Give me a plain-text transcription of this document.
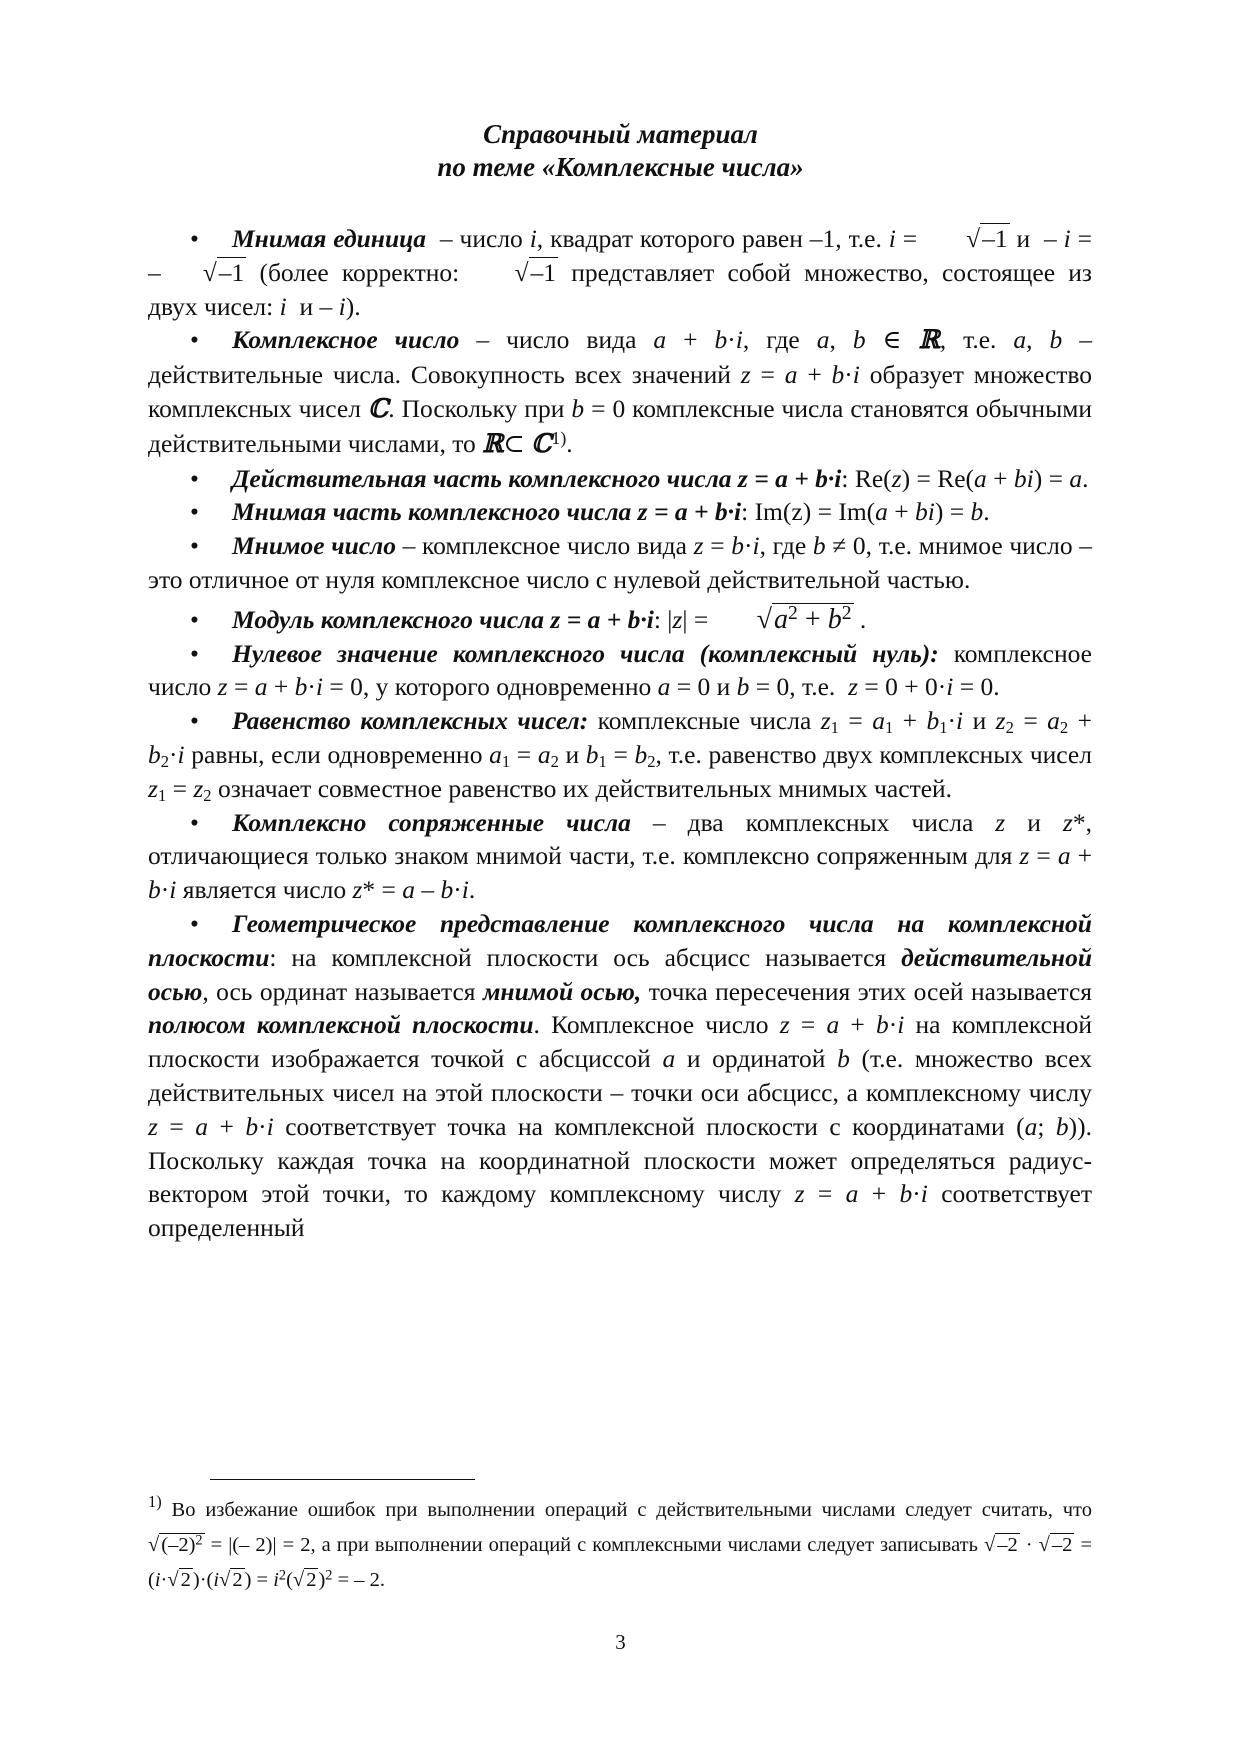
Справочный материал
по теме «Комплексные числа»

• Мнимая единица  – число i, квадрат которого равен –1, т.е. i = √–1 и  – i = – √–1 (более корректно: √–1 представляет собой множество, состоящее из двух чисел: i  и – i).

• Комплексное число – число вида a + b·i, где a, b ∈ ℝ, т.е. a, b – действительные числа. Совокупность всех значений z = a + b·i образует множество комплексных чисел ℂ. Поскольку при b = 0 комплексные числа становятся обычными действительными числами, то ℝ⊂ ℂ$^{1)}$.

• Действительная часть комплексного числа z = a + b·i: Re(z) = Re(a + bi) = a.

• Мнимая часть комплексного числа z = a + b·i: Im(z) = Im(a + bi) = b.

• Мнимое число – комплексное число вида z = b·i, где b ≠ 0, т.е. мнимое число – это отличное от нуля комплексное число с нулевой действительной частью.

• Модуль комплексного числа z = a + b·i: $|z| = √a^2 + b^2$ .

• Нулевое значение комплексного числа (комплексный нуль): комплексное число z = a + b·i = 0, у которого одновременно a = 0 и b = 0, т.е.  z = 0 + 0·i = 0.

• Равенство комплексных чисел: комплексные числа $z_1 = a_1 + b_1\cdot i$ и $z_2 = a_2 + b_2\cdot i$ равны, если одновременно $a_1 = a_2$ и $b_1 = b_2$, т.е. равенство двух комплексных чисел $z_1 = z_2$ означает совместное равенство их действительных мнимых частей.

• Комплексно сопряженные числа – два комплексных числа z и z*, отличающиеся только знаком мнимой части, т.е. комплексно сопряженным для z = a + b·i является число z* = a – b·i.

• Геометрическое представление комплексного числа на комплексной плоскости: на комплексной плоскости ось абсцисс называется действительной осью, ось ординат называется мнимой осью, точка пересечения этих осей называется полюсом комплексной плоскости. Комплексное число z = a + b·i на комплексной плоскости изображается точкой с абсциссой a и ординатой b (т.е. множество всех действительных чисел на этой плоскости – точки оси абсцисс, а комплексному числу z = a + b·i соответствует точка на комплексной плоскости с координатами (a; b)). Поскольку каждая точка на координатной плоскости может определяться радиус-вектором этой точки, то каждому комплексному числу z = a + b·i соответствует определенный

$^{1)}$ Во избежание ошибок при выполнении операций с действительными числами следует считать, что $√(-2)^2$ = |(– 2)| = 2, а при выполнении операций с комплексными числами следует записывать $√-2 \cdot √-2 = (i\cdot√2)\cdot(i√2) = i^2(√2)^2$ = – 2.

3
